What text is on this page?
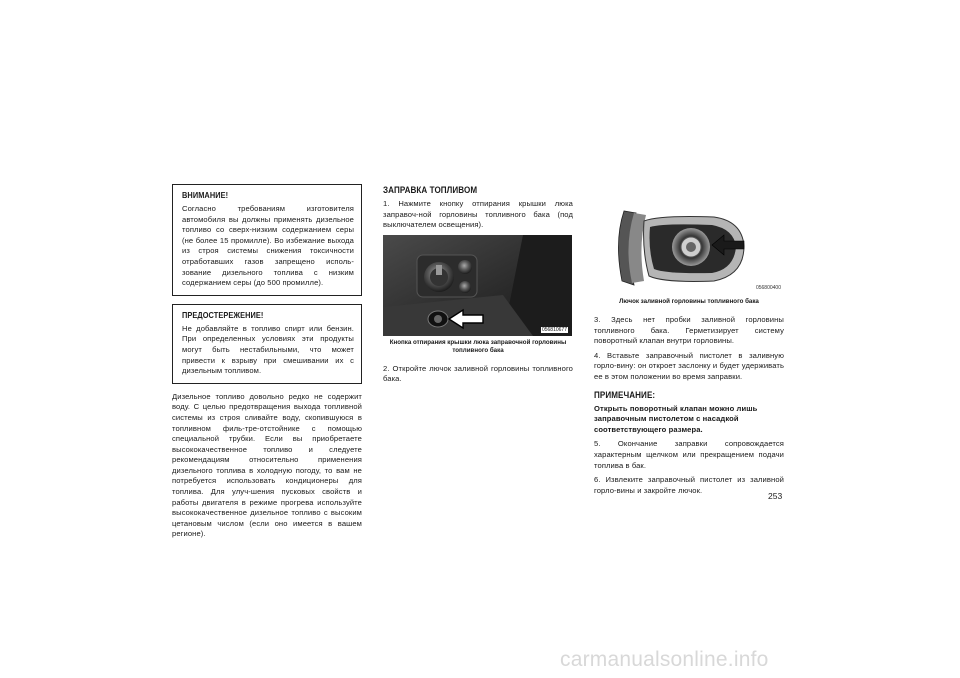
ВНИМАНИЕ!
Согласно требованиям изготовителя автомобиля вы должны применять дизельное топливо со сверх-низким содержанием серы (не более 15 промилле). Во избежание выхода из строя системы снижения токсичности отработавших газов запрещено исполь-зование дизельного топлива с низким содержанием серы (до 500 промилле).
ПРЕДОСТЕРЕЖЕНИЕ!
Не добавляйте в топливо спирт или бензин. При определенных условиях эти продукты могут быть нестабильными, что может привести к взрыву при смешивании их с дизельным топливом.
Дизельное топливо довольно редко не содержит воду. С целью предотвращения выхода топливной системы из строя сливайте воду, скопившуюся в топливном филь-тре-отстойнике с помощью специальной трубки. Если вы приобретаете высококачественное топливо и следуете рекомендациям относительно применения дизельного топлива в холодную погоду, то вам не потребуется использовать кондиционеры для топлива. Для улуч-шения пусковых свойств и работы двигателя в режиме прогрева используйте высококачественное дизельное топливо с высоким цетановым числом (если оно имеется в вашем регионе).
ЗАПРАВКА ТОПЛИВОМ
1. Нажмите кнопку отпирания крышки люка заправоч-ной горловины топливного бака (под выключателем освещения).
056810677
Кнопка отпирания крышки люка заправочной горловины топливного бака
2. Откройте лючок заливной горловины топливного бака.
056800400
Лючок заливной горловины топливного бака
3. Здесь нет пробки заливной горловины топливного бака. Герметизирует систему поворотный клапан внутри горловины.
4. Вставьте заправочный пистолет в заливную горло-вину: он откроет заслонку и будет удерживать ее в этом положении во время заправки.
ПРИМЕЧАНИЕ:
Открыть поворотный клапан можно лишь заправочным пистолетом с насадкой соответствующего размера.
5. Окончание заправки сопровождается характерным щелчком или прекращением подачи топлива в бак.
6. Извлеките заправочный пистолет из заливной горло-вины и закройте лючок.
253
carmanualsonline.info
